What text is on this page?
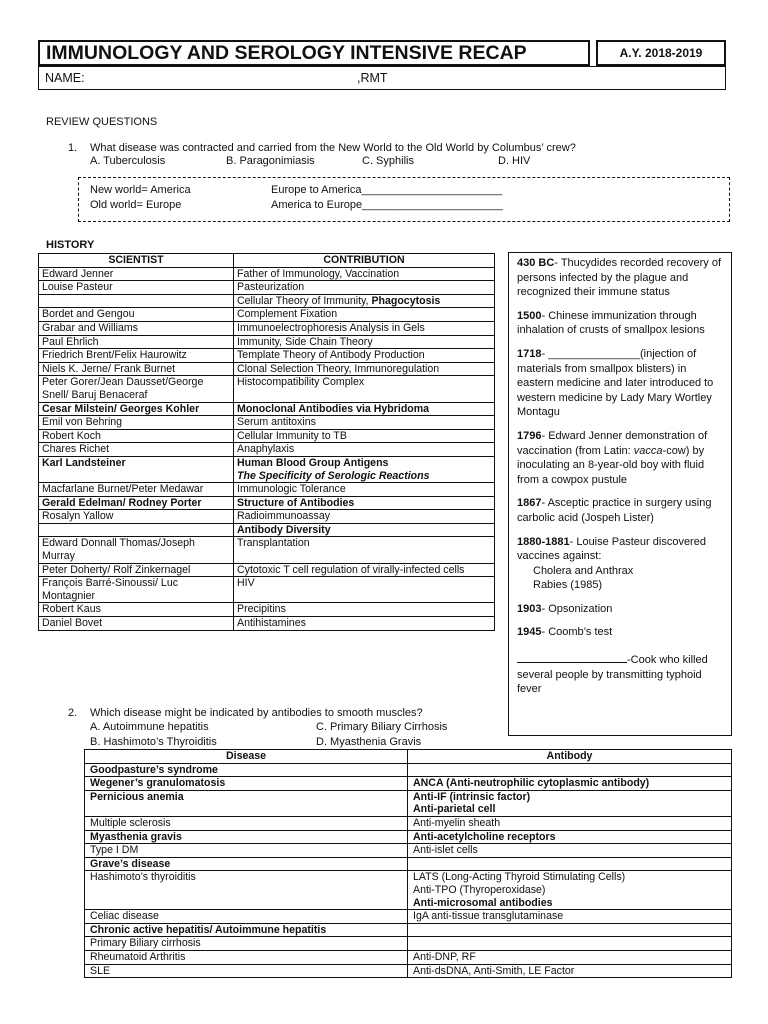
IMMUNOLOGY AND SEROLOGY INTENSIVE RECAP	A.Y. 2018-2019
NAME:	,RMT
REVIEW QUESTIONS
1. What disease was contracted and carried from the New World to the Old World by Columbus’ crew?
A. Tuberculosis	B. Paragonimiasis	C. Syphilis	D. HIV
New world= America
Old world= Europe
Europe to America_______________________
America to Europe_______________________
HISTORY
SCIENTIST	CONTRIBUTION
Edward Jenner	Father of Immunology, Vaccination
Louise Pasteur	Pasteurization
	Cellular Theory of Immunity, Phagocytosis
Bordet and Gengou	Complement Fixation
Grabar and Williams	Immunoelectrophoresis Analysis in Gels
Paul Ehrlich	Immunity, Side Chain Theory
Friedrich Brent/Felix Haurowitz	Template Theory of Antibody Production
Niels K. Jerne/ Frank Burnet	Clonal Selection Theory, Immunoregulation
Peter Gorer/Jean Dausset/George Snell/ Baruj Benaceraf	Histocompatibility Complex
Cesar Milstein/ Georges Kohler	Monoclonal Antibodies via Hybridoma
Emil von Behring	Serum antitoxins
Robert Koch	Cellular Immunity to TB
Chares Richet	Anaphylaxis
Karl Landsteiner	Human Blood Group Antigens
The Specificity of Serologic Reactions

Macfarlane Burnet/Peter Medawar	Immunologic Tolerance
Gerald Edelman/ Rodney Porter	Structure of Antibodies
Rosalyn Yallow	Radioimmunoassay
	Antibody Diversity
Edward Donnall Thomas/Joseph Murray	Transplantation
Peter Doherty/ Rolf Zinkernagel	Cytotoxic T cell regulation of virally-infected cells
François Barré-Sinoussi/ Luc Montagnier	HIV
Robert Kaus	Precipitins
Daniel Bovet	Antihistamines

430 BC- Thucydides recorded recovery of persons infected by the plague and recognized their immune status

1500- Chinese immunization through inhalation of crusts of smallpox lesions

1718- _______________(injection of materials from smallpox blisters) in eastern medicine and later introduced to western medicine by Lady Mary Wortley Montagu

1796- Edward Jenner demonstration of vaccination (from Latin: vacca-cow) by inoculating an 8-year-old boy with fluid from a cowpox pustule

1867- Asceptic practice in surgery using carbolic acid (Jospeh Lister)

1880-1881- Louise Pasteur discovered vaccines against:
Cholera and Anthrax
Rabies (1985)

1903- Opsonization

1945- Coomb’s test

-Cook who killed several people by transmitting typhoid fever

2. Which disease might be indicated by antibodies to smooth muscles?
A. Autoimmune hepatitis	C. Primary Biliary Cirrhosis
B. Hashimoto’s Thyroiditis	D. Myasthenia Gravis
Disease	Antibody
Goodpasture’s syndrome	
Wegener’s granulomatosis	ANCA (Anti-neutrophilic cytoplasmic antibody)

Pernicious anemia	Anti-IF (intrinsic factor)
Anti-parietal cell

Multiple sclerosis	Anti-myelin sheath

Myasthenia gravis	Anti-acetylcholine receptors

Type I DM	Anti-islet cells

Grave’s disease	
Hashimoto’s thyroiditis	LATS (Long-Acting Thyroid Stimulating Cells)
Anti-TPO (Thyroperoxidase)
Anti-microsomal antibodies

Celiac disease	IgA anti-tissue transglutaminase

Chronic active hepatitis/ Autoimmune hepatitis	
Primary Biliary cirrhosis	
Rheumatoid Arthritis	Anti-DNP, RF

SLE	Anti-dsDNA, Anti-Smith, LE Factor
